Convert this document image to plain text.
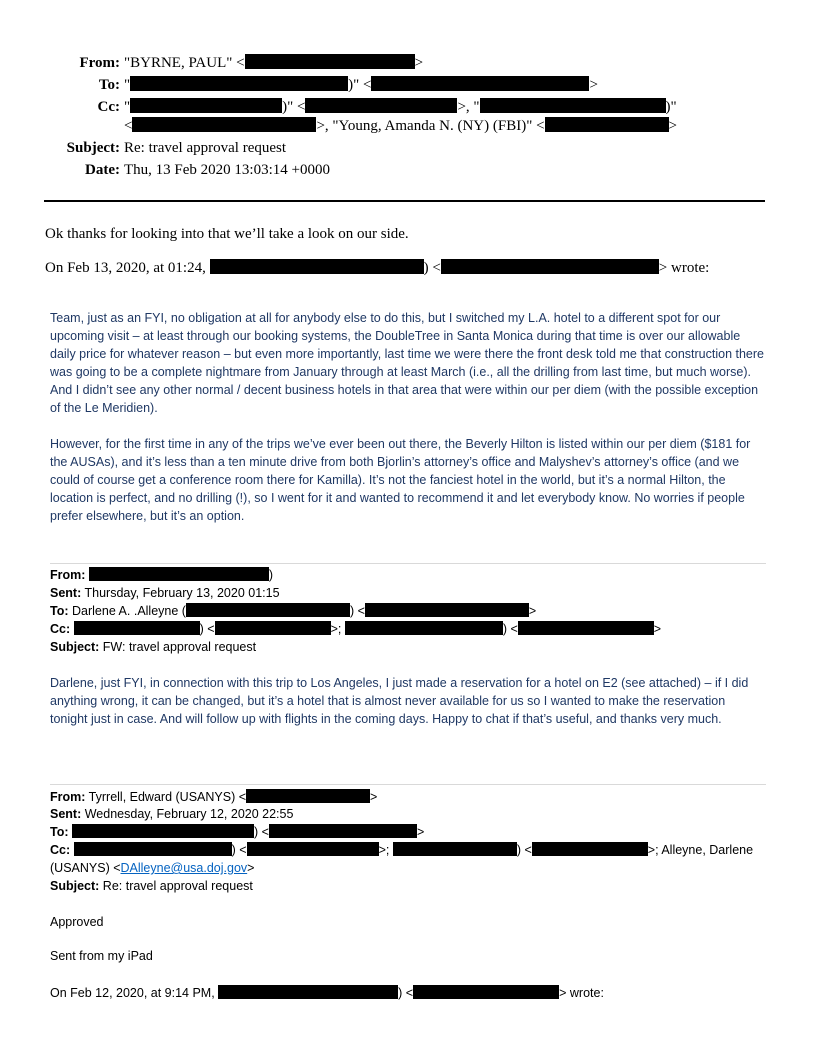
From: "BYRNE, PAUL" <	>
To: "	)" <	>
Cc: "	)" <	>, "	)"
<	>, "Young, Amanda N. (NY) (FBI)" <	>
Subject: Re: travel approval request
Date: Thu, 13 Feb 2020 13:03:14 +0000
Ok thanks for looking into that we’ll take a look on our side.
On Feb 13, 2020, at 01:24,	) <	> wrote:
Team, just as an FYI, no obligation at all for anybody else to do this, but I switched my L.A. hotel to a different spot for our upcoming visit – at least through our booking systems, the DoubleTree in Santa Monica during that time is over our allowable daily price for whatever reason – but even more importantly, last time we were there the front desk told me that construction there was going to be a complete nightmare from January through at least March (i.e., all the drilling from last time, but much worse). And I didn’t see any other normal / decent business hotels in that area that were within our per diem (with the possible exception of the Le Meridien).
However, for the first time in any of the trips we’ve ever been out there, the Beverly Hilton is listed within our per diem ($181 for the AUSAs), and it’s less than a ten minute drive from both Bjorlin’s attorney’s office and Malyshev’s attorney’s office (and we could of course get a conference room there for Kamilla). It’s not the fanciest hotel in the world, but it’s a normal Hilton, the location is perfect, and no drilling (!), so I went for it and wanted to recommend it and let everybody know. No worries if people prefer elsewhere, but it’s an option.
From:	)
Sent: Thursday, February 13, 2020 01:15
To: Darlene A. .Alleyne (	) <	>
Cc:	) <	>;	) <	>
Subject: FW: travel approval request
Darlene, just FYI, in connection with this trip to Los Angeles, I just made a reservation for a hotel on E2 (see attached) – if I did anything wrong, it can be changed, but it’s a hotel that is almost never available for us so I wanted to make the reservation tonight just in case. And will follow up with flights in the coming days. Happy to chat if that’s useful, and thanks very much.
From: Tyrrell, Edward (USANYS) <	>
Sent: Wednesday, February 12, 2020 22:55
To:	) <	>
Cc:	) <	>;	) <	>; Alleyne, Darlene
(USANYS) <DAlleyne@usa.doj.gov>
Subject: Re: travel approval request
Approved
Sent from my iPad
On Feb 12, 2020, at 9:14 PM,	) <	> wrote:
